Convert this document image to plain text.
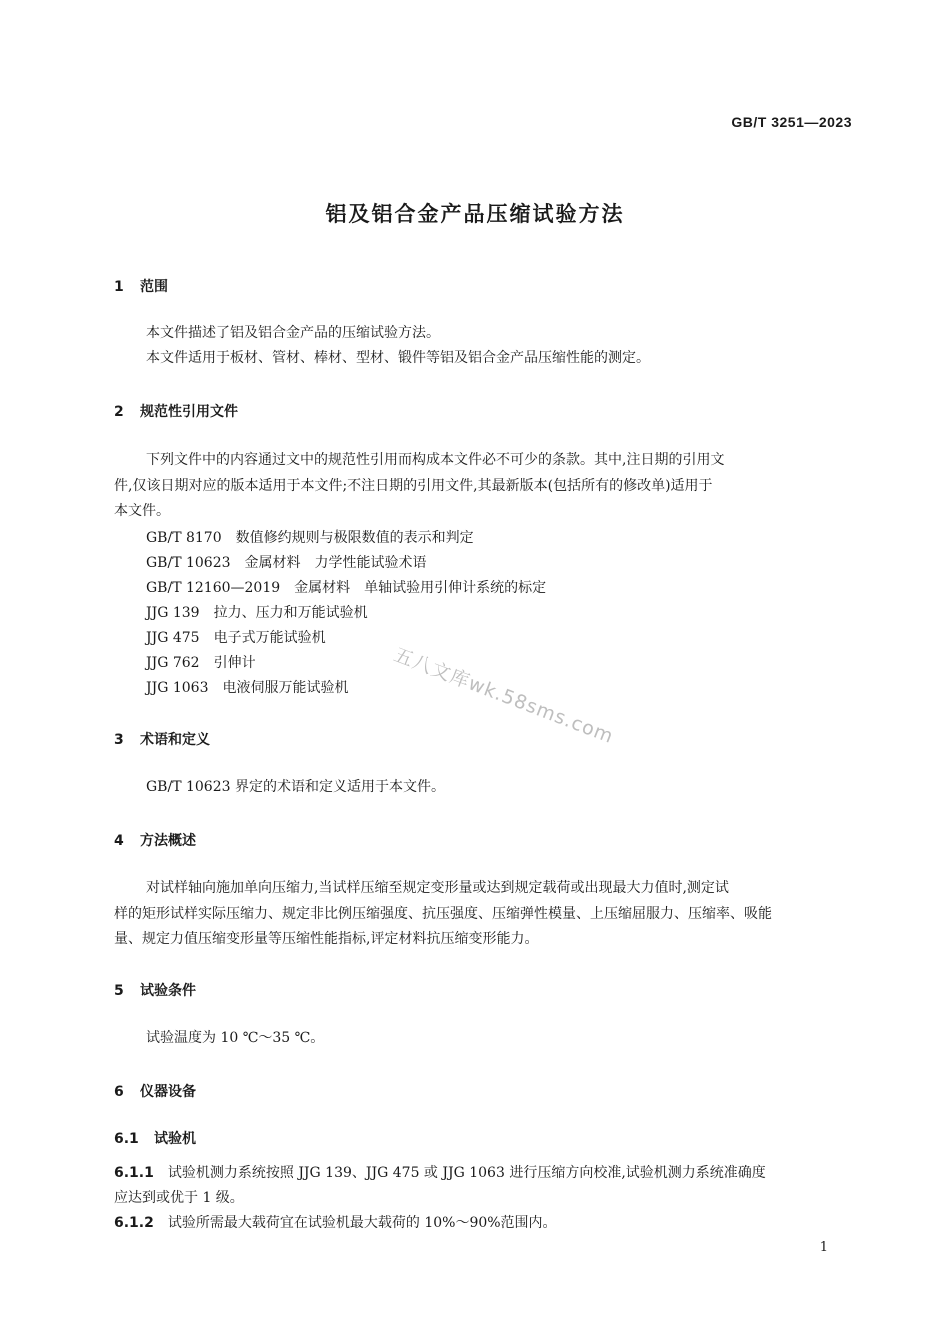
GB/T 3251—2023
铝及铝合金产品压缩试验方法
1 范围
本文件描述了铝及铝合金产品的压缩试验方法。
本文件适用于板材、管材、棒材、型材、锻件等铝及铝合金产品压缩性能的测定。
2 规范性引用文件
下列文件中的内容通过文中的规范性引用而构成本文件必不可少的条款。其中,注日期的引用文
件,仅该日期对应的版本适用于本文件;不注日期的引用文件,其最新版本(包括所有的修改单)适用于
本文件。
GB/T 8170　 数值修约规则与极限数值的表示和判定
GB/T 10623　 金属材料　力学性能试验术语
GB/T 12160—2019　 金属材料　单轴试验用引伸计系统的标定
JJG 139　 拉力、压力和万能试验机
JJG 475　 电子式万能试验机
JJG 762　 引伸计
JJG 1063　 电液伺服万能试验机
3 术语和定义
GB/T 10623 界定的术语和定义适用于本文件。
4 方法概述
对试样轴向施加单向压缩力,当试样压缩至规定变形量或达到规定载荷或出现最大力值时,测定试
样的矩形试样实际压缩力、规定非比例压缩强度、抗压强度、压缩弹性模量、上压缩屈服力、压缩率、吸能
量、规定力值压缩变形量等压缩性能指标,评定材料抗压缩变形能力。
5 试验条件
试验温度为 10 ℃～35 ℃。
6 仪器设备
6.1 试验机
6.1.1 试验机测力系统按照 JJG 139、JJG 475 或 JJG 1063 进行压缩方向校准,试验机测力系统准确度
应达到或优于 1 级。
6.1.2 试验所需最大载荷宜在试验机最大载荷的 10%～90%范围内。
五八文库wk.58sms.com
1
